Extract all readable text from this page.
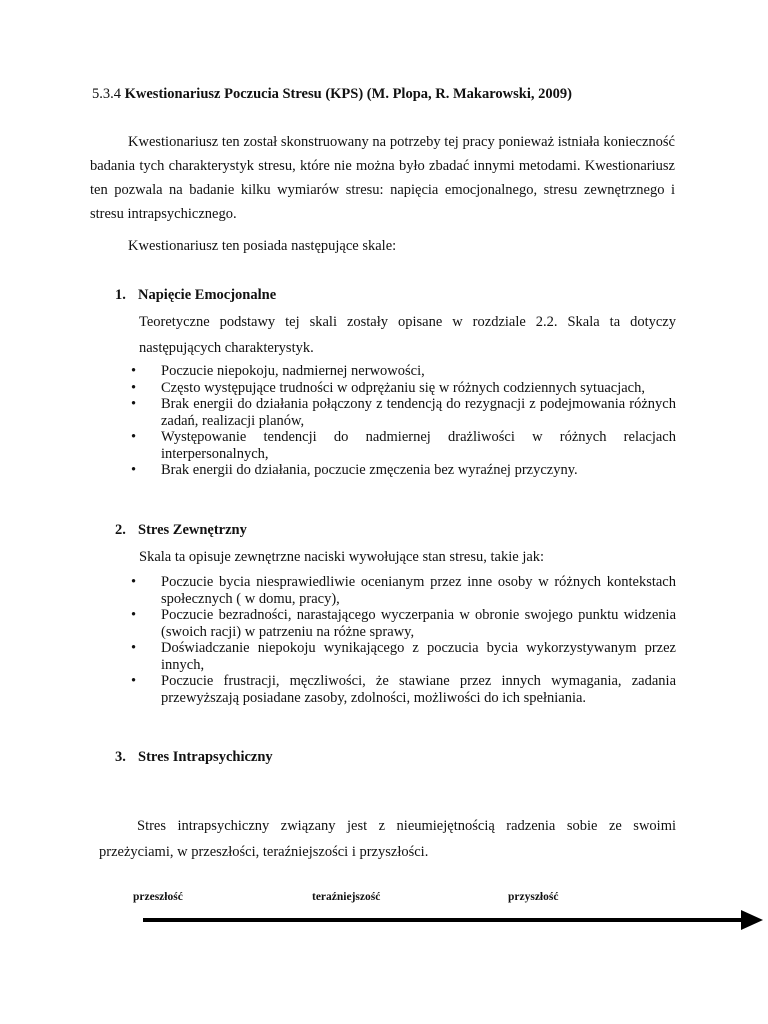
5.3.4 Kwestionariusz Poczucia Stresu (KPS) (M. Plopa, R. Makarowski, 2009)
Kwestionariusz ten został skonstruowany na potrzeby tej pracy ponieważ istniała konieczność badania tych charakterystyk stresu, które nie można było zbadać innymi metodami. Kwestionariusz ten pozwala na badanie kilku wymiarów stresu: napięcia emocjonalnego, stresu zewnętrznego i stresu intrapsychicznego.
Kwestionariusz ten posiada następujące skale:
1. Napięcie Emocjonalne
Teoretyczne podstawy tej skali zostały opisane w rozdziale 2.2. Skala ta dotyczy następujących charakterystyk.
• Poczucie niepokoju, nadmiernej nerwowości,
• Często występujące trudności w odprężaniu się w różnych codziennych sytuacjach,
• Brak energii do działania połączony z tendencją do rezygnacji z podejmowania różnych zadań, realizacji planów,
• Występowanie tendencji do nadmiernej drażliwości w różnych relacjach interpersonalnych,
• Brak energii do działania, poczucie zmęczenia bez wyraźnej przyczyny.
2. Stres Zewnętrzny
Skala ta opisuje zewnętrzne naciski wywołujące stan stresu, takie jak:
• Poczucie bycia niesprawiedliwie ocenianym przez inne osoby w różnych kontekstach społecznych ( w domu, pracy),
• Poczucie bezradności, narastającego wyczerpania w obronie swojego punktu widzenia (swoich racji) w patrzeniu na różne sprawy,
• Doświadczanie niepokoju wynikającego z poczucia bycia wykorzystywanym przez innych,
• Poczucie frustracji, męczliwości, że stawiane przez innych wymagania, zadania przewyższają posiadane zasoby, zdolności, możliwości do ich spełniania.
3. Stres Intrapsychiczny
Stres intrapsychiczny związany jest z nieumiejętnością radzenia sobie ze swoimi przeżyciami, w przeszłości, teraźniejszości i przyszłości.
przeszłość	teraźniejszość	przyszłość
